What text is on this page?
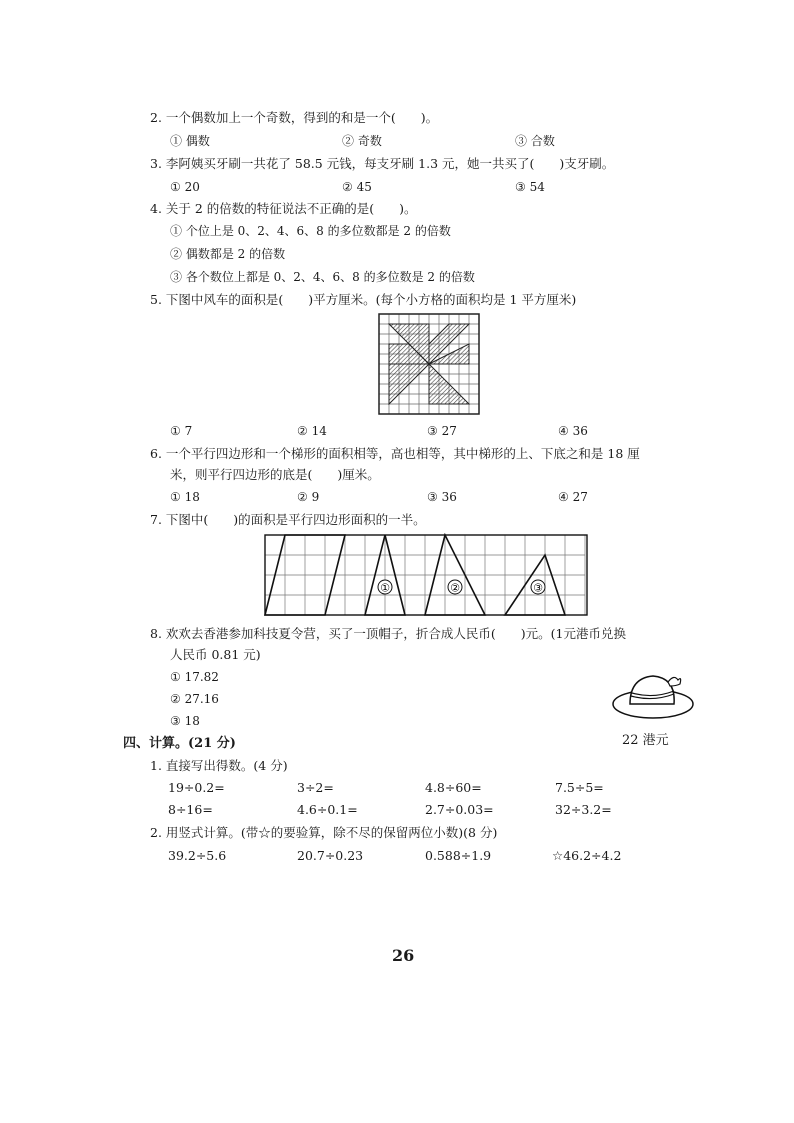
2. 一个偶数加上一个奇数，得到的和是一个(　　)。
① 偶数	② 奇数	③ 合数
3. 李阿姨买牙刷一共花了 58.5 元钱，每支牙刷 1.3 元，她一共买了(　　)支牙刷。
① 20	② 45	③ 54
4. 关于 2 的倍数的特征说法不正确的是(　　)。
① 个位上是 0、2、4、6、8 的多位数都是 2 的倍数
② 偶数都是 2 的倍数
③ 各个数位上都是 0、2、4、6、8 的多位数是 2 的倍数
5. 下图中风车的面积是(　　)平方厘米。(每个小方格的面积均是 1 平方厘米)
① 7	② 14	③ 27	④ 36
6. 一个平行四边形和一个梯形的面积相等，高也相等，其中梯形的上、下底之和是 18 厘
米，则平行四边形的底是(　　)厘米。
① 18	② 9	③ 36	④ 27
7. 下图中(　　)的面积是平行四边形面积的一半。
①	②	③
8. 欢欢去香港参加科技夏令营，买了一顶帽子，折合成人民币(　　)元。(1元港币兑换
人民币 0.81 元)
① 17.82
② 27.16
③ 18
22 港元
四、计算。(21 分)
1. 直接写出得数。(4 分)
19÷0.2=	3÷2=	4.8÷60=	7.5÷5=
8÷16=	4.6÷0.1=	2.7÷0.03=	32÷3.2=
2. 用竖式计算。(带☆的要验算，除不尽的保留两位小数)(8 分)
39.2÷5.6	20.7÷0.23	0.588÷1.9	☆46.2÷4.2
26
